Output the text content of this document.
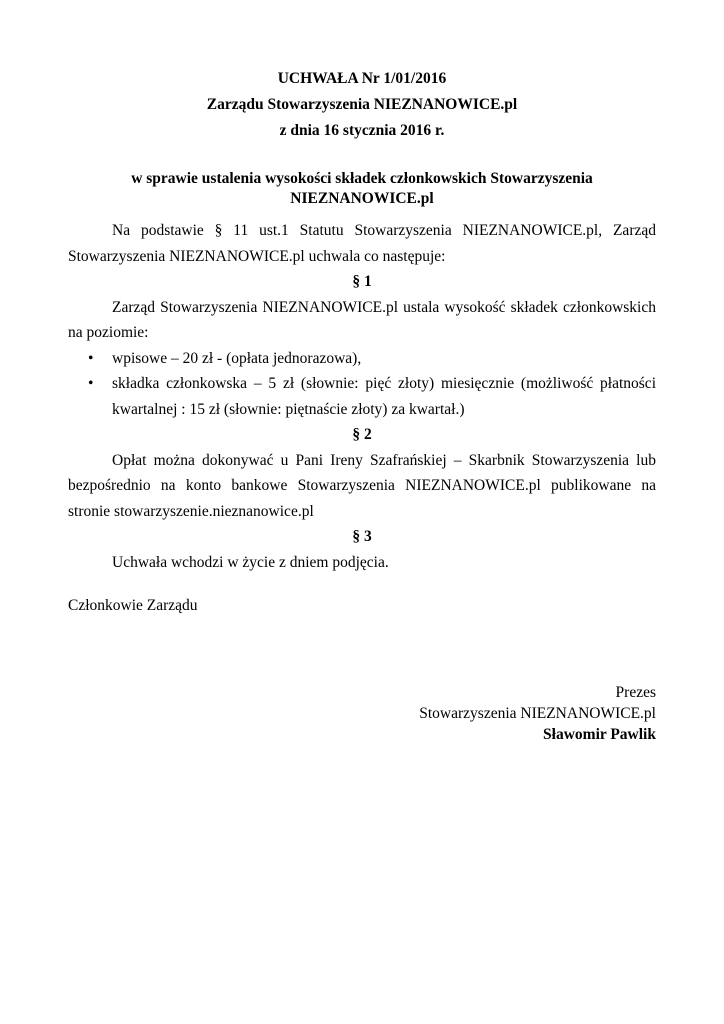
UCHWAŁA Nr 1/01/2016
Zarządu Stowarzyszenia NIEZNANOWICE.pl
z dnia 16 stycznia 2016 r.
w sprawie ustalenia wysokości składek członkowskich Stowarzyszenia NIEZNANOWICE.pl

Na podstawie § 11 ust.1 Statutu Stowarzyszenia NIEZNANOWICE.pl, Zarząd Stowarzyszenia NIEZNANOWICE.pl uchwala co następuje:

§ 1

Zarząd Stowarzyszenia NIEZNANOWICE.pl ustala wysokość składek członkowskich na poziomie:

• wpisowe – 20 zł - (opłata jednorazowa),
• składka członkowska – 5 zł (słownie: pięć złoty) miesięcznie (możliwość płatności kwartalnej : 15 zł (słownie: piętnaście złoty) za kwartał.)

§ 2

Opłat można dokonywać u Pani Ireny Szafrańskiej – Skarbnik Stowarzyszenia lub bezpośrednio na konto bankowe Stowarzyszenia NIEZNANOWICE.pl publikowane na stronie stowarzyszenie.nieznanowice.pl

§ 3

Uchwała wchodzi w życie z dniem podjęcia.

Członkowie Zarządu
Prezes
Stowarzyszenia NIEZNANOWICE.pl
Sławomir Pawlik
